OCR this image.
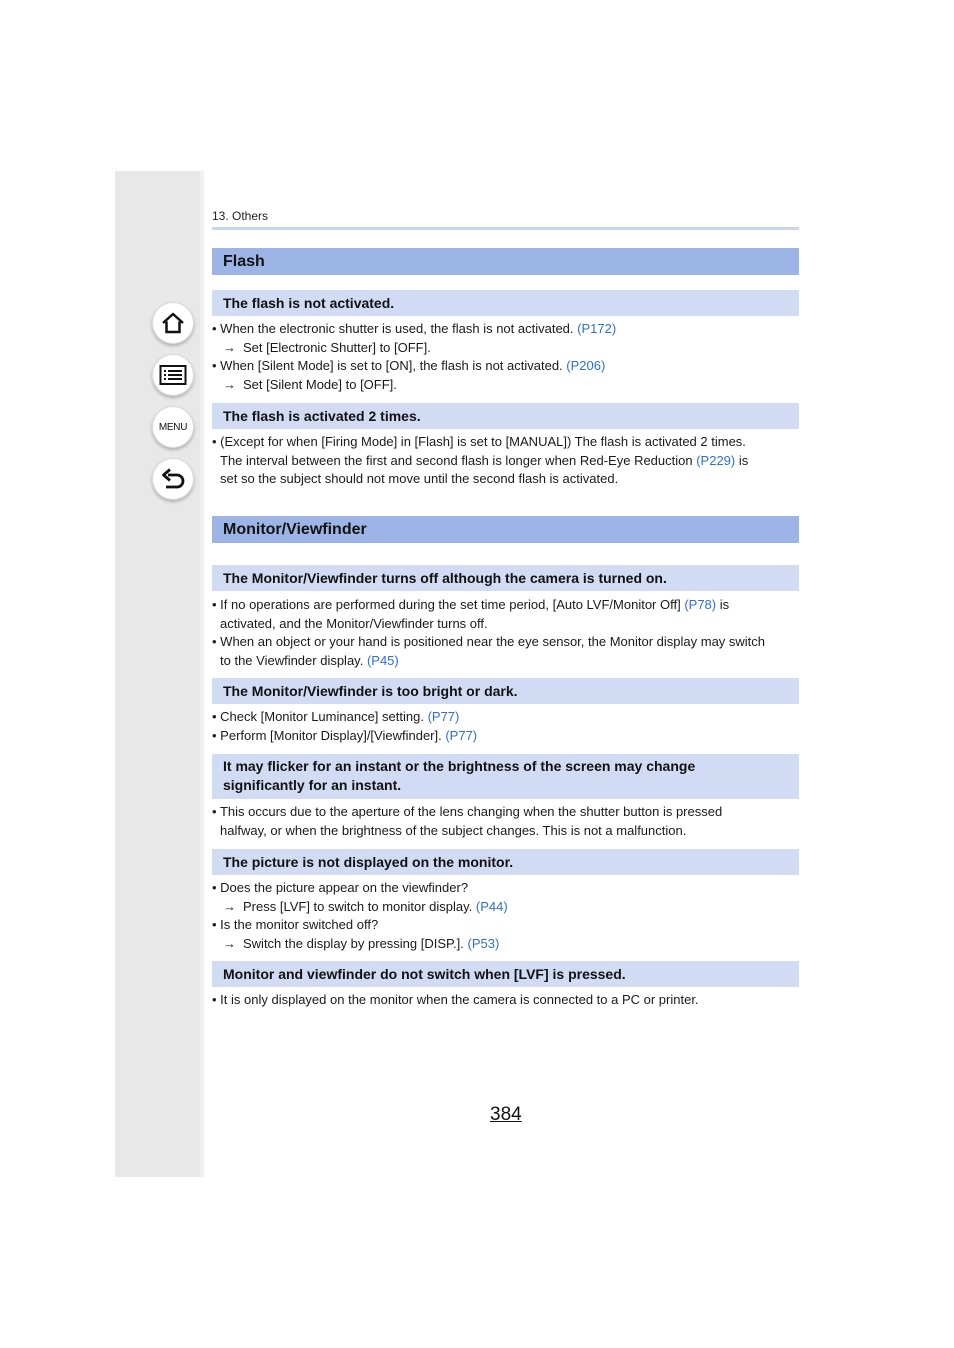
MENU
13. Others
Flash
The flash is not activated.
• When the electronic shutter is used, the flash is not activated. (P172)
→ Set [Electronic Shutter] to [OFF].
• When [Silent Mode] is set to [ON], the flash is not activated. (P206)
→ Set [Silent Mode] to [OFF].
The flash is activated 2 times.
• (Except for when [Firing Mode] in [Flash] is set to [MANUAL]) The flash is activated 2 times.
The interval between the first and second flash is longer when Red-Eye Reduction (P229) is
set so the subject should not move until the second flash is activated.
Monitor/Viewfinder
The Monitor/Viewfinder turns off although the camera is turned on.
• If no operations are performed during the set time period, [Auto LVF/Monitor Off] (P78) is
activated, and the Monitor/Viewfinder turns off.
• When an object or your hand is positioned near the eye sensor, the Monitor display may switch
to the Viewfinder display. (P45)
The Monitor/Viewfinder is too bright or dark.
• Check [Monitor Luminance] setting. (P77)
• Perform [Monitor Display]/[Viewfinder]. (P77)
It may flicker for an instant or the brightness of the screen may change
significantly for an instant.
• This occurs due to the aperture of the lens changing when the shutter button is pressed
halfway, or when the brightness of the subject changes. This is not a malfunction.
The picture is not displayed on the monitor.
• Does the picture appear on the viewfinder?
→ Press [LVF] to switch to monitor display. (P44)
• Is the monitor switched off?
→ Switch the display by pressing [DISP.]. (P53)
Monitor and viewfinder do not switch when [LVF] is pressed.
• It is only displayed on the monitor when the camera is connected to a PC or printer.
384
